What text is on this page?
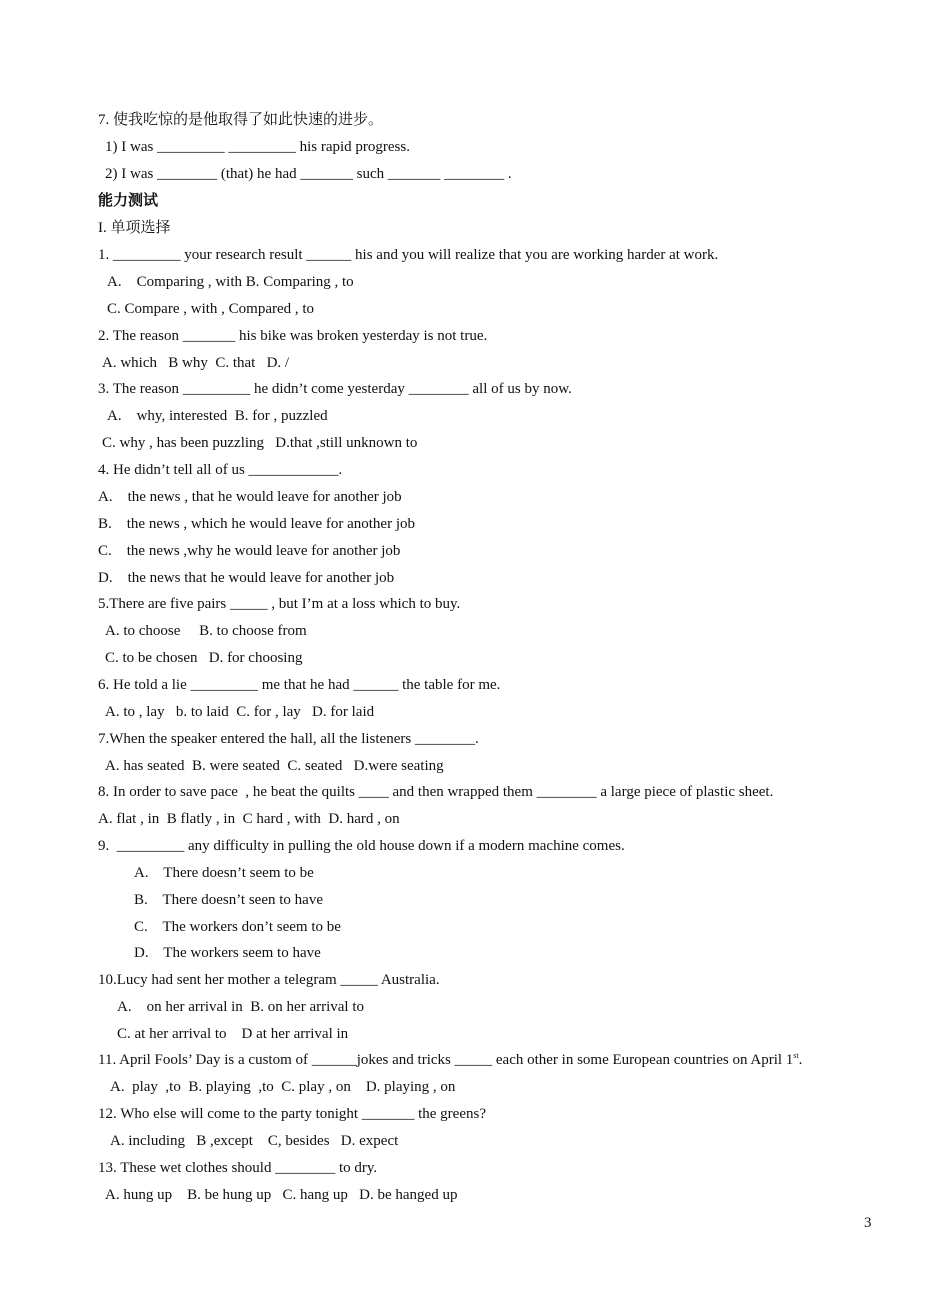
7. 使我吃惊的是他取得了如此快速的进步。
1) I was _________ _________ his rapid progress.
2) I was ________ (that) he had _______ such _______ ________ .
能力测试
I. 单项选择
1. _________ your research result ______ his and you will realize that you are working harder at work.
A.    Comparing , with B. Comparing , to
C. Compare , with , Compared , to
2. The reason _______ his bike was broken yesterday is not true.
A. which   B why  C. that   D. /
3. The reason _________ he didn’t come yesterday ________ all of us by now.
A.    why, interested  B. for , puzzled
C. why , has been puzzling   D.that ,still unknown to
4. He didn’t tell all of us ____________.
A.    the news , that he would leave for another job
B.    the news , which he would leave for another job
C.    the news ,why he would leave for another job
D.    the news that he would leave for another job
5.There are five pairs _____ , but I’m at a loss which to buy.
A. to choose     B. to choose from
C. to be chosen   D. for choosing
6. He told a lie _________ me that he had ______ the table for me.
A. to , lay   b. to laid  C. for , lay   D. for laid
7.When the speaker entered the hall, all the listeners ________.
A. has seated  B. were seated  C. seated   D.were seating
8. In order to save pace  , he beat the quilts ____ and then wrapped them ________ a large piece of plastic sheet.
A. flat , in  B flatly , in  C hard , with  D. hard , on
9.  _________ any difficulty in pulling the old house down if a modern machine comes.
A.    There doesn’t seem to be
B.    There doesn’t seen to have
C.    The workers don’t seem to be
D.    The workers seem to have
10.Lucy had sent her mother a telegram _____ Australia.
A.    on her arrival in  B. on her arrival to
C. at her arrival to    D at her arrival in
11. April Fools’ Day is a custom of ______jokes and tricks _____ each other in some European countries on April 1st.
A.  play  ,to  B. playing  ,to  C. play , on    D. playing , on
12. Who else will come to the party tonight _______ the greens?
A. including   B ,except    C, besides   D. expect
13. These wet clothes should ________ to dry.
A. hung up    B. be hung up   C. hang up   D. be hanged up
3
